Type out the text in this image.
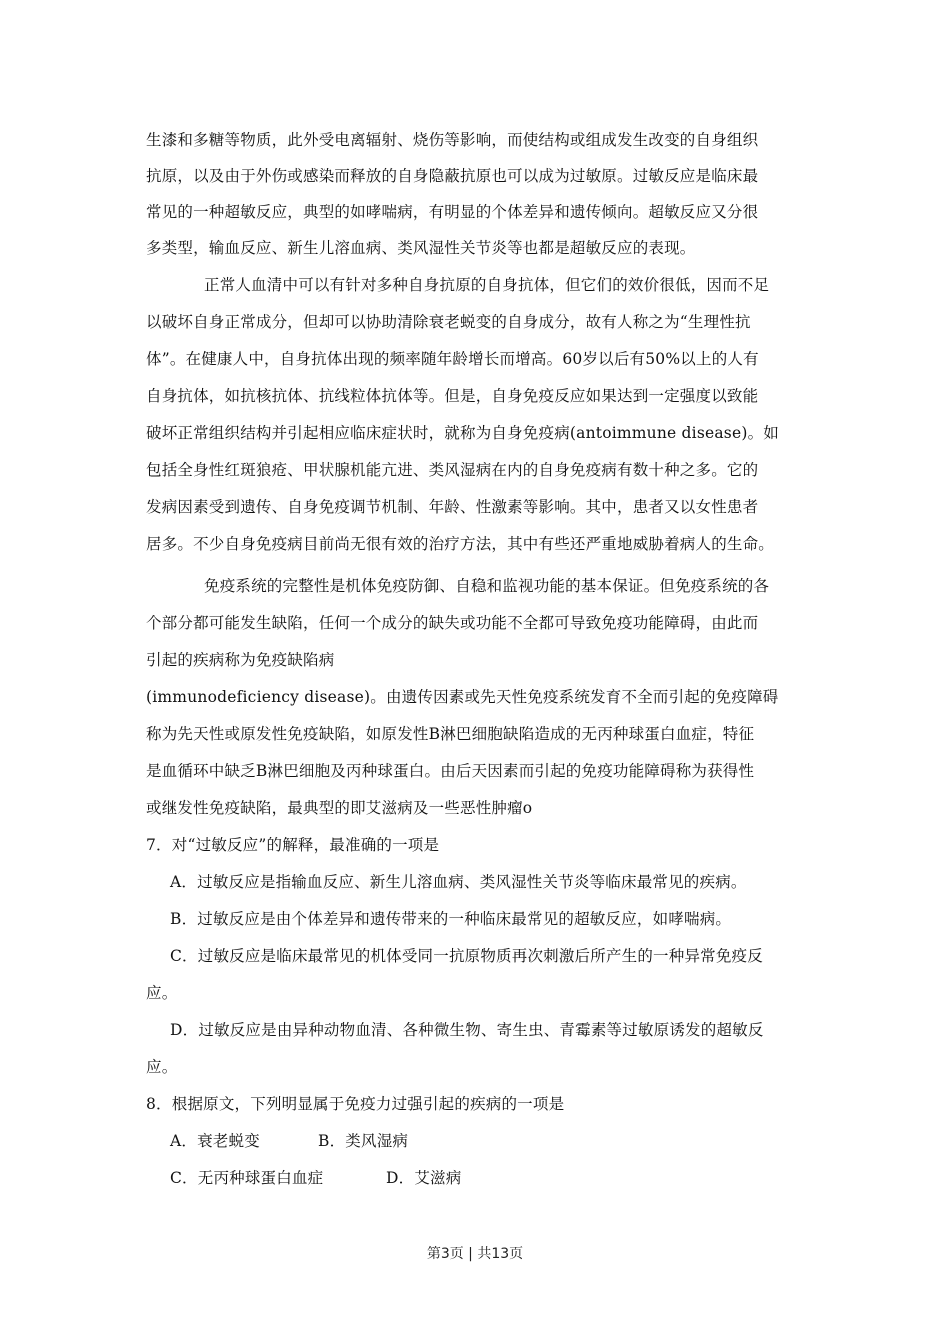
生漆和多糖等物质，此外受电离辐射、烧伤等影响，而使结构或组成发生改变的自身组织
抗原，以及由于外伤或感染而释放的自身隐蔽抗原也可以成为过敏原。过敏反应是临床最
常见的一种超敏反应，典型的如哮喘病，有明显的个体差异和遗传倾向。超敏反应又分很
多类型，输血反应、新生儿溶血病、类风湿性关节炎等也都是超敏反应的表现。
正常人血清中可以有针对多种自身抗原的自身抗体，但它们的效价很低，因而不足
以破坏自身正常成分，但却可以协助清除衰老蜕变的自身成分，故有人称之为“生理性抗
体”。在健康人中，自身抗体出现的频率随年龄增长而增高。60岁以后有50%以上的人有
自身抗体，如抗核抗体、抗线粒体抗体等。但是，自身免疫反应如果达到一定强度以致能
破坏正常组织结构并引起相应临床症状时，就称为自身免疫病(antoimmune disease)。如
包括全身性红斑狼疮、甲状腺机能亢进、类风湿病在内的自身免疫病有数十种之多。它的
发病因素受到遗传、自身免疫调节机制、年龄、性激素等影响。其中，患者又以女性患者
居多。不少自身免疫病目前尚无很有效的治疗方法，其中有些还严重地威胁着病人的生命。
免疫系统的完整性是机体免疫防御、自稳和监视功能的基本保证。但免疫系统的各
个部分都可能发生缺陷，任何一个成分的缺失或功能不全都可导致免疫功能障碍，由此而
引起的疾病称为免疫缺陷病
(immunodeficiency disease)。由遗传因素或先天性免疫系统发育不全而引起的免疫障碍
称为先天性或原发性免疫缺陷，如原发性B淋巴细胞缺陷造成的无丙种球蛋白血症，特征
是血循环中缺乏B淋巴细胞及丙种球蛋白。由后天因素而引起的免疫功能障碍称为获得性
或继发性免疫缺陷，最典型的即艾滋病及一些恶性肿瘤o
7．对“过敏反应”的解释，最准确的一项是
A．过敏反应是指输血反应、新生儿溶血病、类风湿性关节炎等临床最常见的疾病。
B．过敏反应是由个体差异和遗传带来的一种临床最常见的超敏反应，如哮喘病。
C．过敏反应是临床最常见的机体受同一抗原物质再次刺激后所产生的一种异常免疫反
应。
D．过敏反应是由异种动物血清、各种微生物、寄生虫、青霉素等过敏原诱发的超敏反
应。
8．根据原文，下列明显属于免疫力过强引起的疾病的一项是
A．衰老蜕变	B．类风湿病
C．无丙种球蛋白血症	D．艾滋病
第3页 | 共13页
